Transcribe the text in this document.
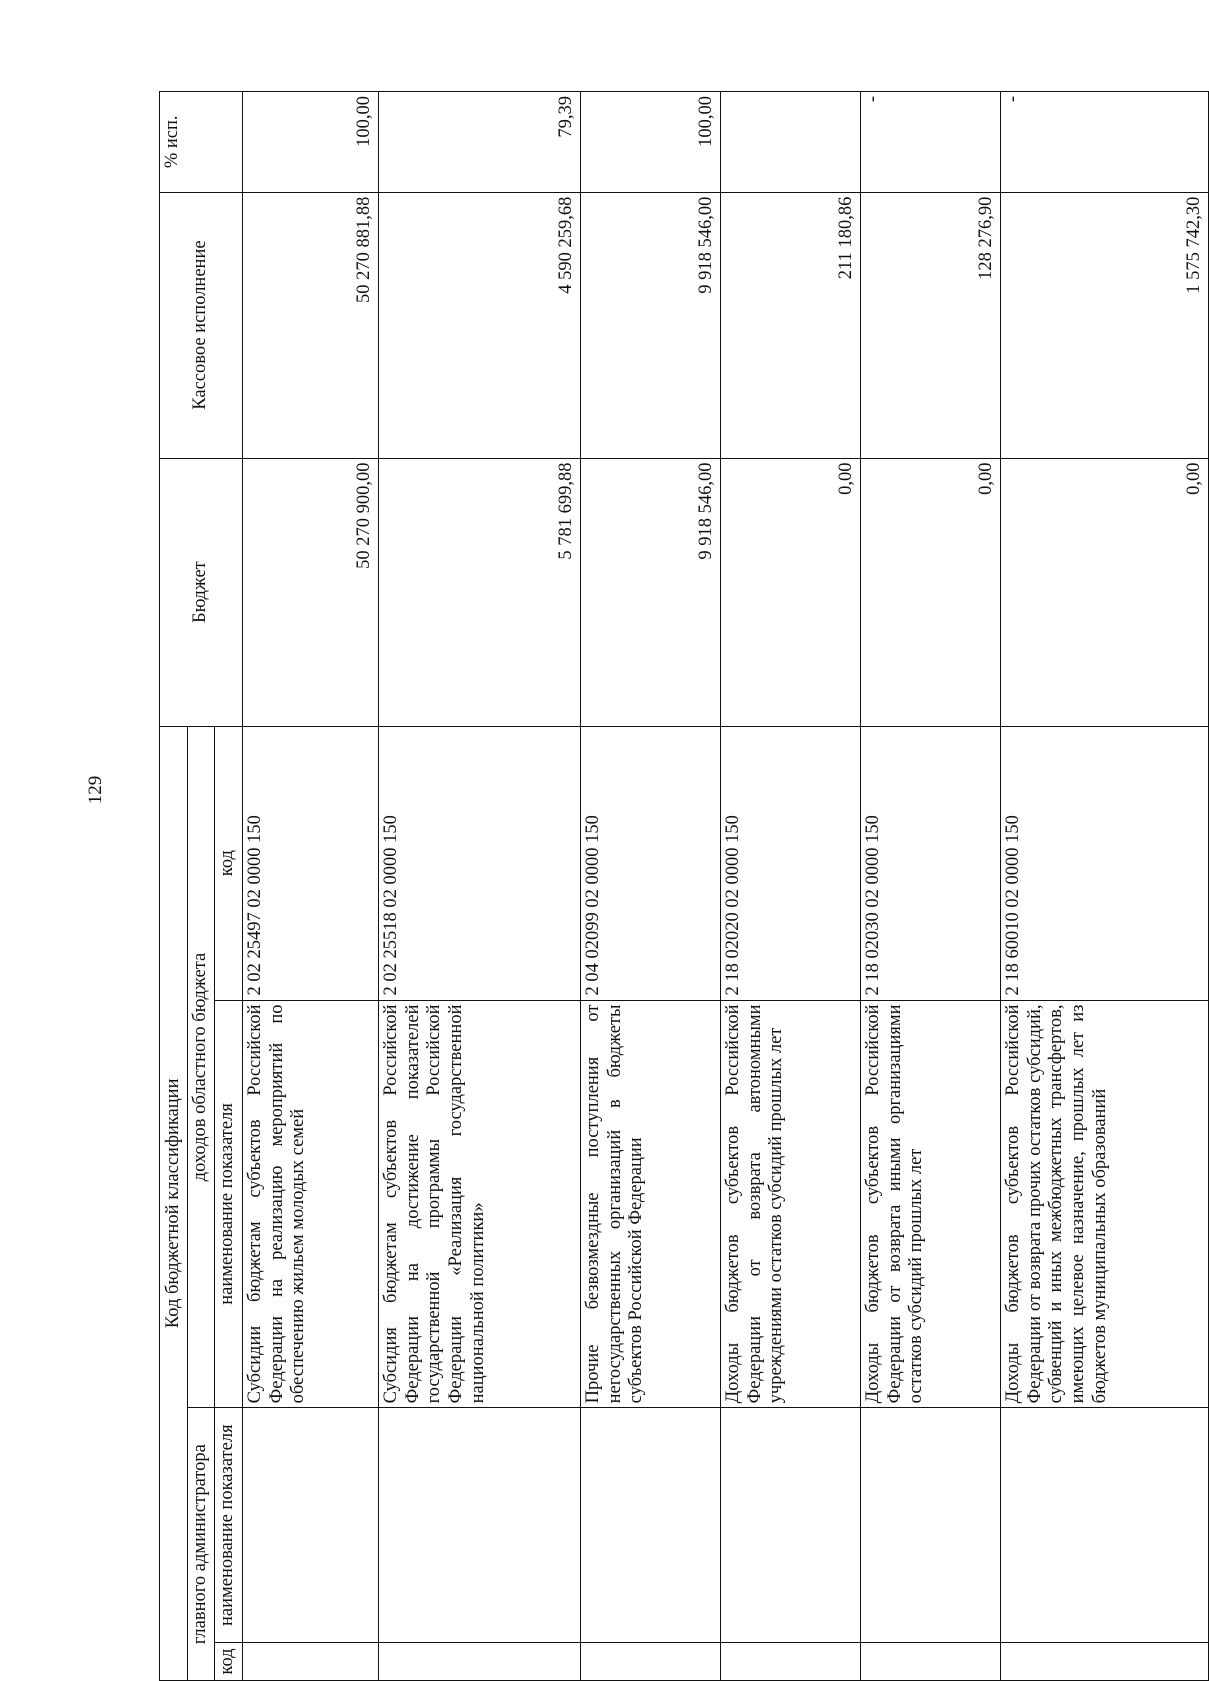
129
Код бюджетной классификации				Бюджет	Кассовое исполнение	% исп.
главного администратора		доходов областного бюджета				
код	наименование показателя	наименование показателя	код			
		Субсидии бюджетам субъектов Российской Федерации на реализацию мероприятий по обеспечению жильем молодых семей	2 02 25497 02 0000 150	50 270 900,00	50 270 881,88	100,00
		Субсидия бюджетам субъектов Российской Федерации на достижение показателей государственной программы Российской Федерации «Реализация государственной национальной политики»	2 02 25518 02 0000 150	5 781 699,88	4 590 259,68	79,39
		Прочие безвозмездные поступления от негосударственных организаций в бюджеты субъектов Российской Федерации	2 04 02099 02 0000 150	9 918 546,00	9 918 546,00	100,00
		Доходы бюджетов субъектов Российской Федерации от возврата автономными учреждениями остатков субсидий прошлых лет	2 18 02020 02 0000 150	0,00	211 180,86	
		Доходы бюджетов субъектов Российской Федерации от возврата иными организациями остатков субсидий прошлых лет	2 18 02030 02 0000 150	0,00	128 276,90	-
		Доходы бюджетов субъектов Российской Федерации от возврата прочих остатков субсидий, субвенций и иных межбюджетных трансфертов, имеющих целевое назначение, прошлых лет из бюджетов муниципальных образований	2 18 60010 02 0000 150	0,00	1 575 742,30	-
